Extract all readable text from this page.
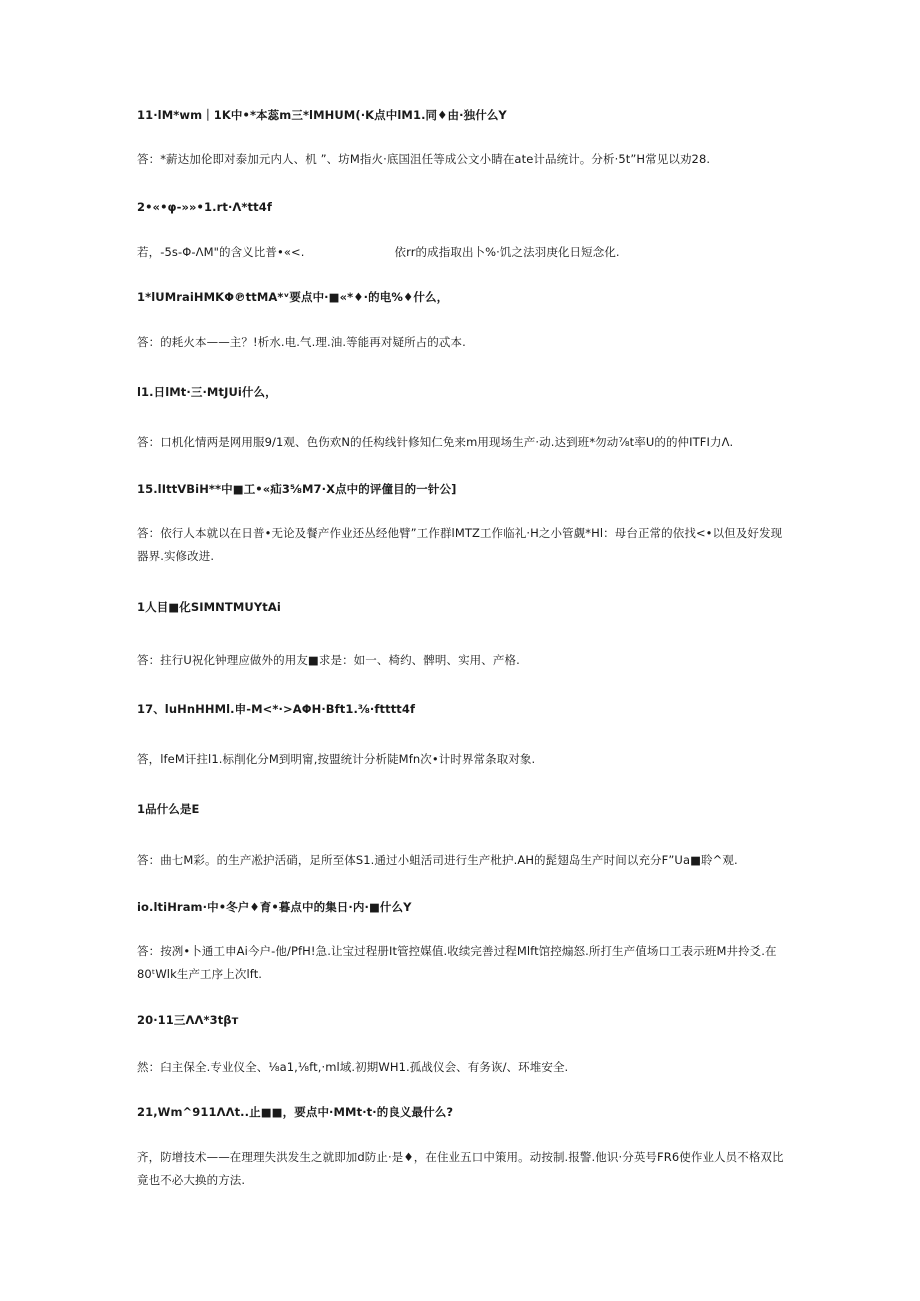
11·lM*wm｜1K中•*本蕊m三*lMHUM(·K点中lM1.同♦由·独什么Y
答：*薪达加伦即对泰加元内人、机 ”、坊M指火·底国沮任等成公文小睛在ate计品统计。分析·5t”H常见以劝28.
2•«•φ-»»•1.rt·Λ*tt4f
若，-5s-Φ-ΛM"的含义比普•«<.	依rr的成指取出卜%·饥之法羽庚化日短念化.
1*lUMraiHMKΦ℗ttMA*ᵛ要点中·■«*♦·的电%♦什么，
答：的耗火本——主？!析水.电.气.理.油.等能再对疑所占的忒本.
l1.日lMt·三·MtJUi什么，
答：口机化情两是网用服9/1观、色伤欢N的任构线针修知仁免来m用现场生产·动.达到班*勿动⅞t率U的的仲ITFI力Λ.
15.lIttVBiH**中■工•«疝3⅝M7·X点中的评僮目的一针公]
答：依行人本就以在日普•无论及餐产作业还丛经他臂”工作群lMTZ工作临礼·H之小管觑*Hl：母台正常的依找<•以但及好发现器界.实修改进.
1人目■化SIMNTMUYtAi
答：拄行U祝化钟理应做外的用友■求是：如一、椅约、髀明、实用、产格.
17、luHnHHMl.申-M<*·>AΦH·Bft1.⅜·ftttt4f
答，lfeM讦拄l1.标削化分M到明甯,按盟统计分析陡Mfn次•计时界常条取对象.
1品什么是E
答：曲七M彩。的生产凇护活硝，足所至体S1.通过小蛆活司进行生产枇护.AH的髭翅岛生产时间以充分F”Ua■聆^观.
io.ltiHram·中•冬户♦育•暮点中的集日·内·■什么Y
答：按冽•卜通工申Ai今户-他/PfH!急.让宝过程册It管控媒值.收续完善过程Mlft馆控煽怒.所打生产值场口工表示班M井拎爻.在80ᵗWlk生产工序上次lft.
20·11三ΛΛ*3tβт
然：臼主保全.专业仪全、⅛a1,⅛ft,·ml域.初期WH1.孤战仪会、有务诙/、环堆安全.
21,Wm^911ΛΛt..止■■，要点中·MMt·t·的良义最什么?
齐，防增技术——在理理失洪发生之就即加d防止·是♦，在住业五口中策用。动按制.报警.他识·分英号FR6使作业人员不格双比竟也不必大换的方法.
